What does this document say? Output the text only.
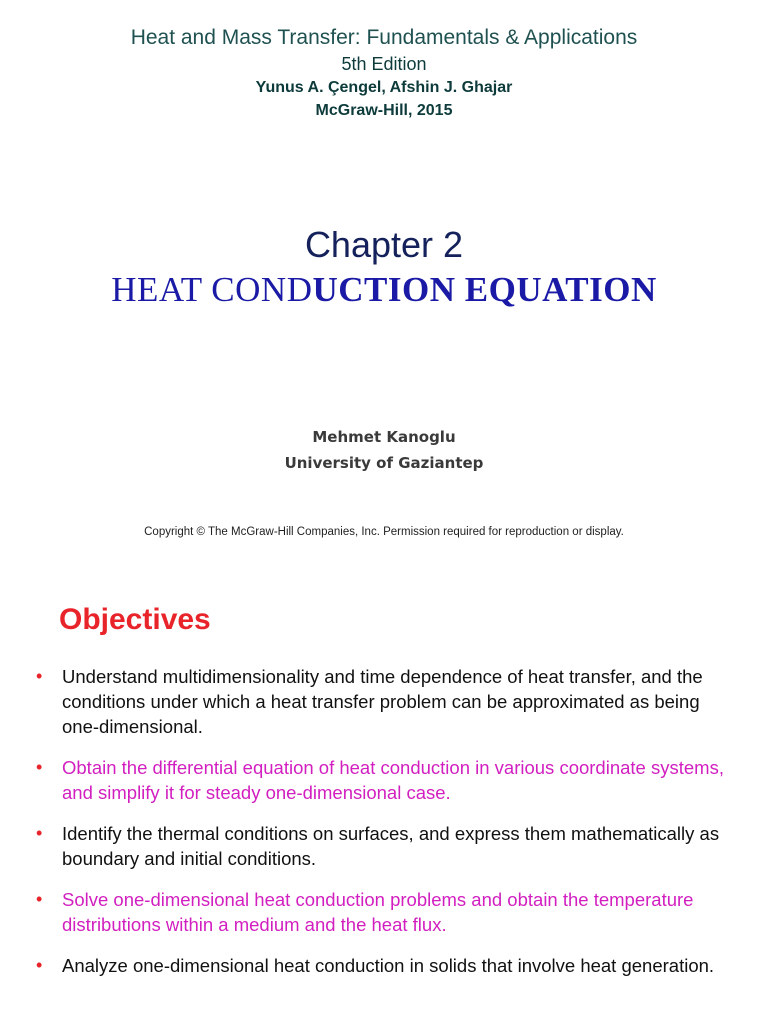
Heat and Mass Transfer: Fundamentals & Applications
5th Edition
Yunus A. Çengel, Afshin J. Ghajar
McGraw-Hill, 2015
Chapter 2
HEAT CONDUCTION EQUATION
Mehmet Kanoglu
University of Gaziantep
Copyright © The McGraw-Hill Companies, Inc. Permission required for reproduction or display.
Objectives
• Understand multidimensionality and time dependence of heat transfer, and the conditions under which a heat transfer problem can be approximated as being one-dimensional.
• Obtain the differential equation of heat conduction in various coordinate systems, and simplify it for steady one-dimensional case.
• Identify the thermal conditions on surfaces, and express them mathematically as boundary and initial conditions.
• Solve one-dimensional heat conduction problems and obtain the temperature distributions within a medium and the heat flux.
• Analyze one-dimensional heat conduction in solids that involve heat generation.
